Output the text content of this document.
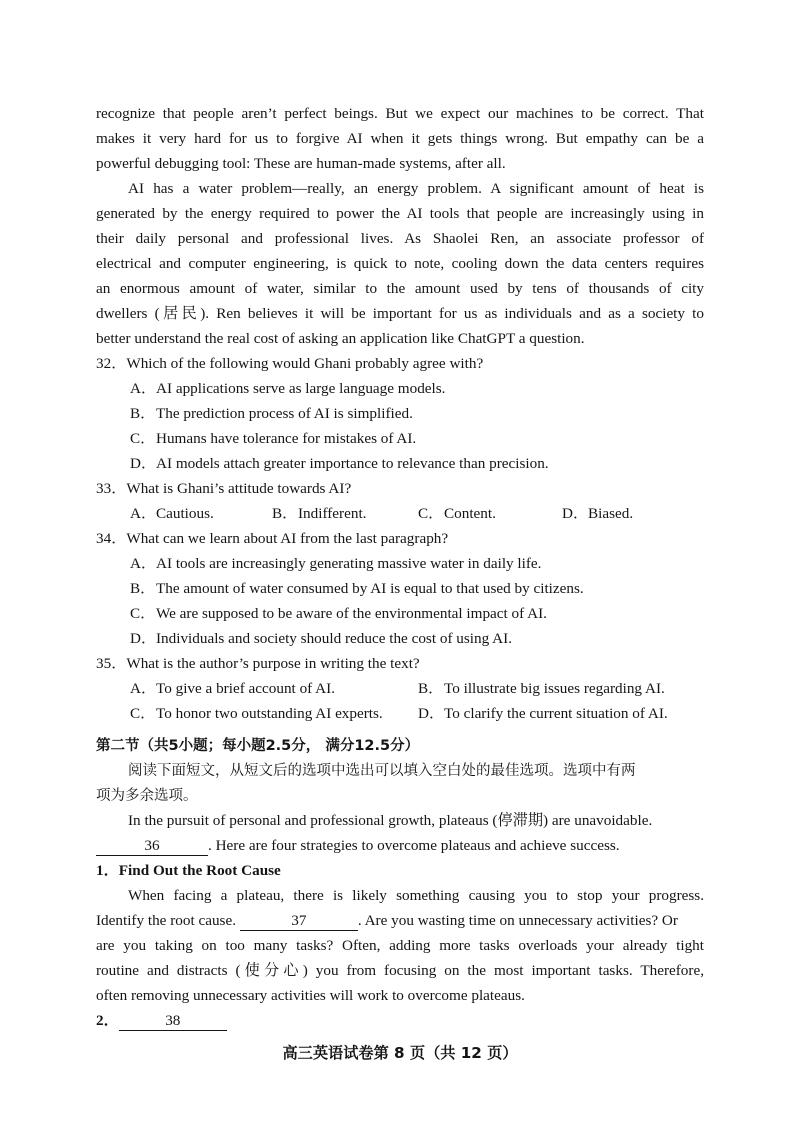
recognize that people aren’t perfect beings. But we expect our machines to be correct. That
makes it very hard for us to forgive AI when it gets things wrong. But empathy can be a
powerful debugging tool: These are human-made systems, after all.
AI has a water problem—really, an energy problem. A significant amount of heat is
generated by the energy required to power the AI tools that people are increasingly using in
their daily personal and professional lives. As Shaolei Ren, an associate professor of
electrical and computer engineering, is quick to note, cooling down the data centers requires
an enormous amount of water, similar to the amount used by tens of thousands of city
dwellers (居民). Ren believes it will be important for us as individuals and as a society to
better understand the real cost of asking an application like ChatGPT a question.
32．Which of the following would Ghani probably agree with?
A．AI applications serve as large language models.
B．The prediction process of AI is simplified.
C．Humans have tolerance for mistakes of AI.
D．AI models attach greater importance to relevance than precision.
33．What is Ghani’s attitude towards AI?
A．Cautious.	B．Indifferent.	C．Content.	D．Biased.
34．What can we learn about AI from the last paragraph?
A．AI tools are increasingly generating massive water in daily life.
B．The amount of water consumed by AI is equal to that used by citizens.
C．We are supposed to be aware of the environmental impact of AI.
D．Individuals and society should reduce the cost of using AI.
35．What is the author’s purpose in writing the text?
A．To give a brief account of AI.	B．To illustrate big issues regarding AI.
C．To honor two outstanding AI experts. D．To clarify the current situation of AI.
第二节（共5小题；每小题2.5分， 满分12.5分）
阅读下面短文，从短文后的选项中选出可以填入空白处的最佳选项。选项中有两
项为多余选项。
In the pursuit of personal and professional growth, plateaus (停滞期) are unavoidable.
36	. Here are four strategies to overcome plateaus and achieve success.
1．Find Out the Root Cause
When facing a plateau, there is likely something causing you to stop your progress.
Identify the root cause.	37	. Are you wasting time on unnecessary activities? Or
are you taking on too many tasks? Often, adding more tasks overloads your already tight
routine and distracts (使分心) you from focusing on the most important tasks. Therefore,
often removing unnecessary activities will work to overcome plateaus.
2．	38
高三英语试卷第 8 页（共 12 页）
